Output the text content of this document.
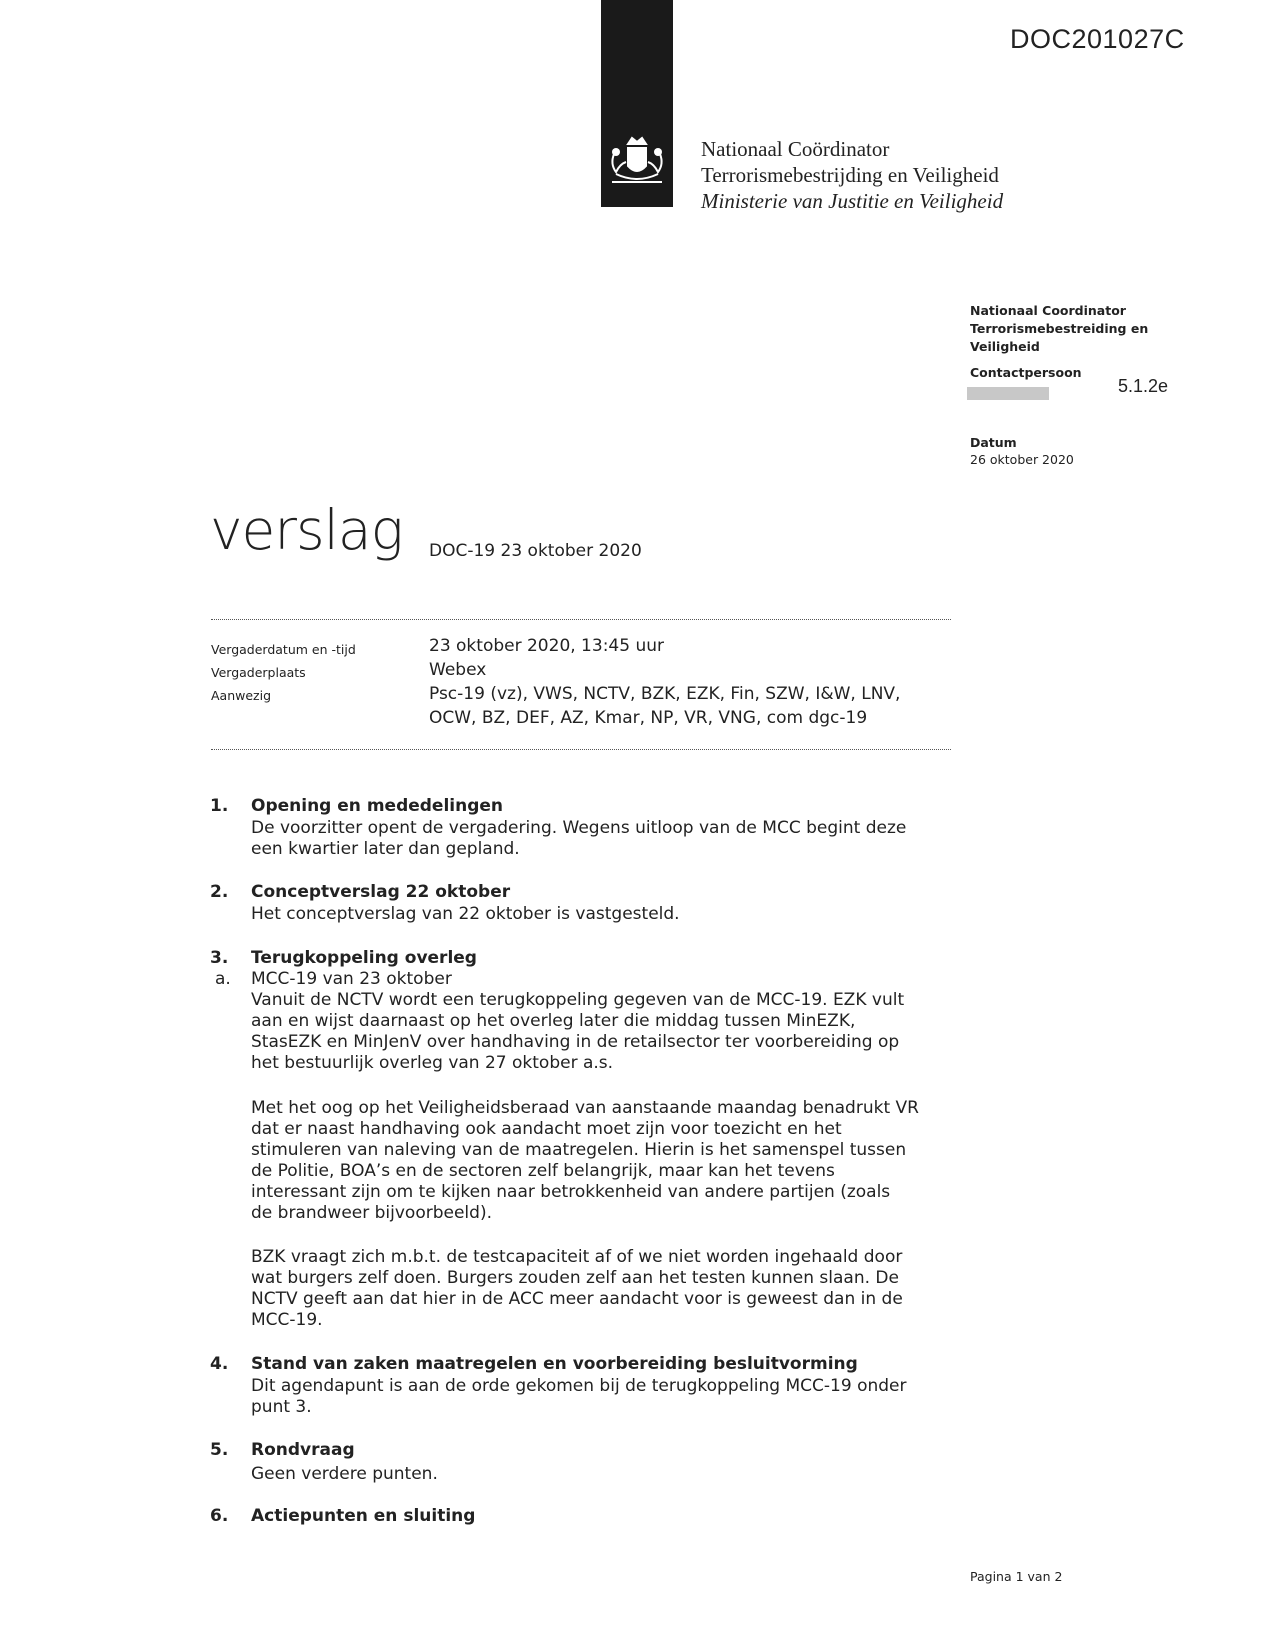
DOC201027C
Nationaal Coördinator
Terrorismebestrijding en Veiligheid
Ministerie van Justitie en Veiligheid
Nationaal Coordinator Terrorismebestreiding en Veiligheid
Contactpersoon
5.1.2e
Datum
26 oktober 2020
verslag DOC-19 23 oktober 2020
Vergaderdatum en -tijd	23 oktober 2020, 13:45 uur
Vergaderplaats	Webex
Aanwezig	Psc-19 (vz), VWS, NCTV, BZK, EZK, Fin, SZW, I&W, LNV,
OCW, BZ, DEF, AZ, Kmar, NP, VR, VNG, com dgc-19
1. Opening en mededelingen
De voorzitter opent de vergadering. Wegens uitloop van de MCC begint deze
een kwartier later dan gepland.
2. Conceptverslag 22 oktober
Het conceptverslag van 22 oktober is vastgesteld.
3. Terugkoppeling overleg
a. MCC-19 van 23 oktober
Vanuit de NCTV wordt een terugkoppeling gegeven van de MCC-19. EZK vult
aan en wijst daarnaast op het overleg later die middag tussen MinEZK,
StasEZK en MinJenV over handhaving in de retailsector ter voorbereiding op
het bestuurlijk overleg van 27 oktober a.s.
Met het oog op het Veiligheidsberaad van aanstaande maandag benadrukt VR
dat er naast handhaving ook aandacht moet zijn voor toezicht en het
stimuleren van naleving van de maatregelen. Hierin is het samenspel tussen
de Politie, BOA’s en de sectoren zelf belangrijk, maar kan het tevens
interessant zijn om te kijken naar betrokkenheid van andere partijen (zoals
de brandweer bijvoorbeeld).
BZK vraagt zich m.b.t. de testcapaciteit af of we niet worden ingehaald door
wat burgers zelf doen. Burgers zouden zelf aan het testen kunnen slaan. De
NCTV geeft aan dat hier in de ACC meer aandacht voor is geweest dan in de
MCC-19.
4. Stand van zaken maatregelen en voorbereiding besluitvorming
Dit agendapunt is aan de orde gekomen bij de terugkoppeling MCC-19 onder
punt 3.
5. Rondvraag
Geen verdere punten.
6. Actiepunten en sluiting
Pagina 1 van 2
